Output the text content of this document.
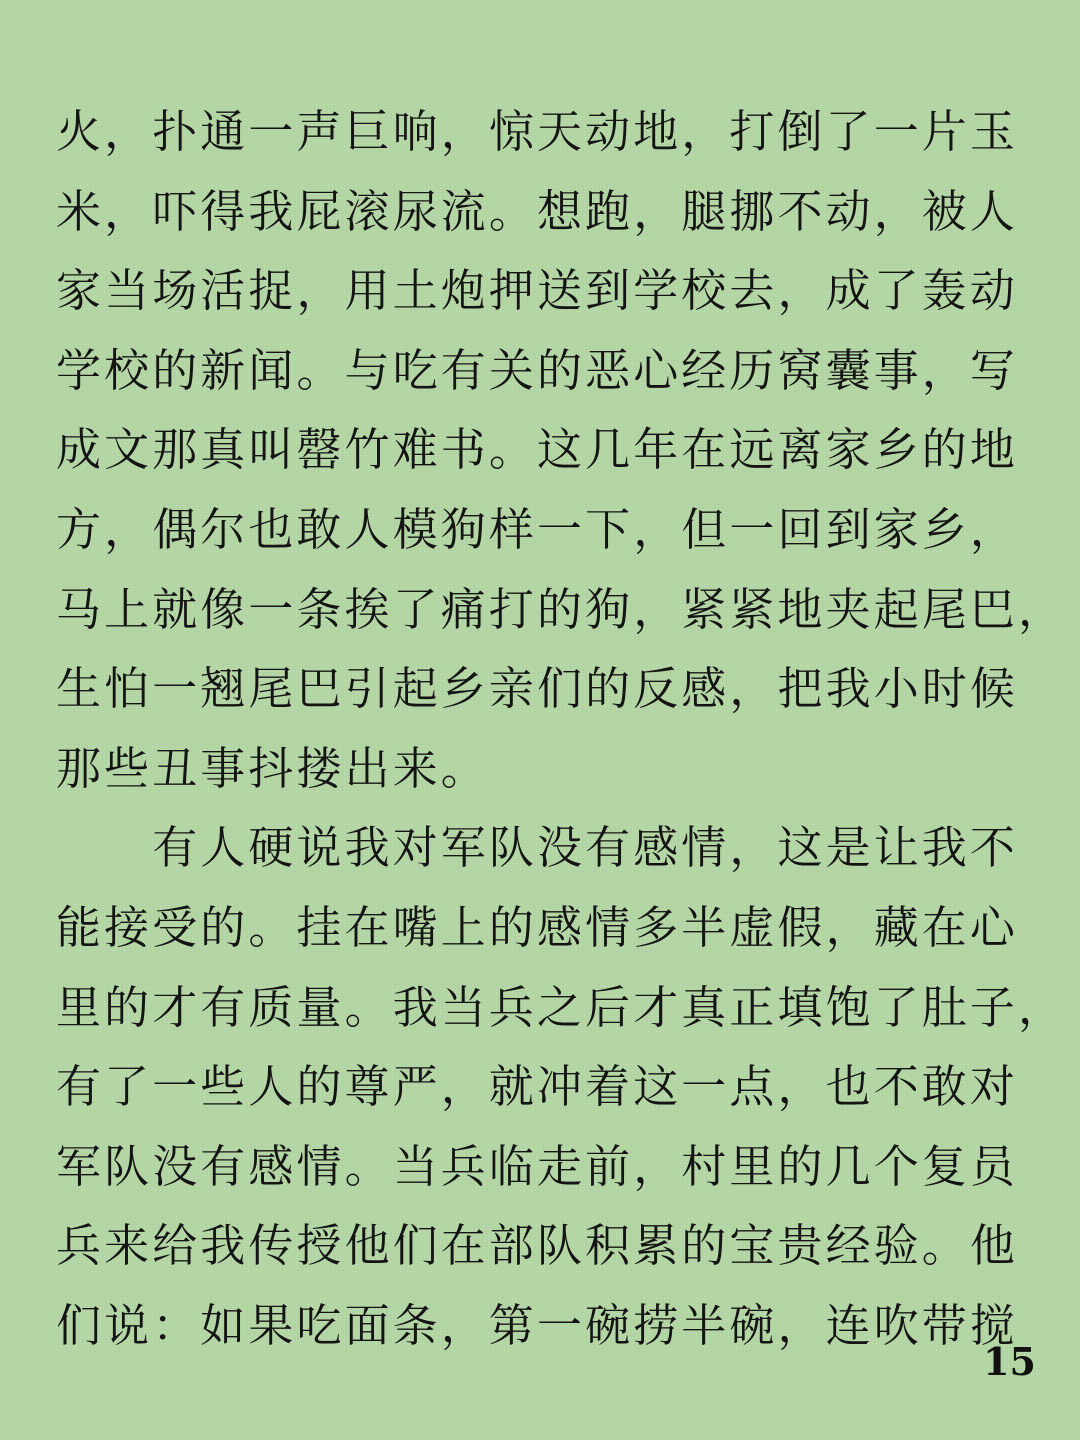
火，扑通一声巨响，惊天动地，打倒了一片玉
米，吓得我屁滚尿流。想跑，腿挪不动，被人
家当场活捉，用土炮押送到学校去，成了轰动
学校的新闻。与吃有关的恶心经历窝囊事，写
成文那真叫罄竹难书。这几年在远离家乡的地
方，偶尔也敢人模狗样一下，但一回到家乡，
马上就像一条挨了痛打的狗，紧紧地夹起尾巴，
生怕一翘尾巴引起乡亲们的反感，把我小时候
那些丑事抖搂出来。
　　有人硬说我对军队没有感情，这是让我不
能接受的。挂在嘴上的感情多半虚假，藏在心
里的才有质量。我当兵之后才真正填饱了肚子，
有了一些人的尊严，就冲着这一点，也不敢对
军队没有感情。当兵临走前，村里的几个复员
兵来给我传授他们在部队积累的宝贵经验。他
们说：如果吃面条，第一碗捞半碗，连吹带搅
15
